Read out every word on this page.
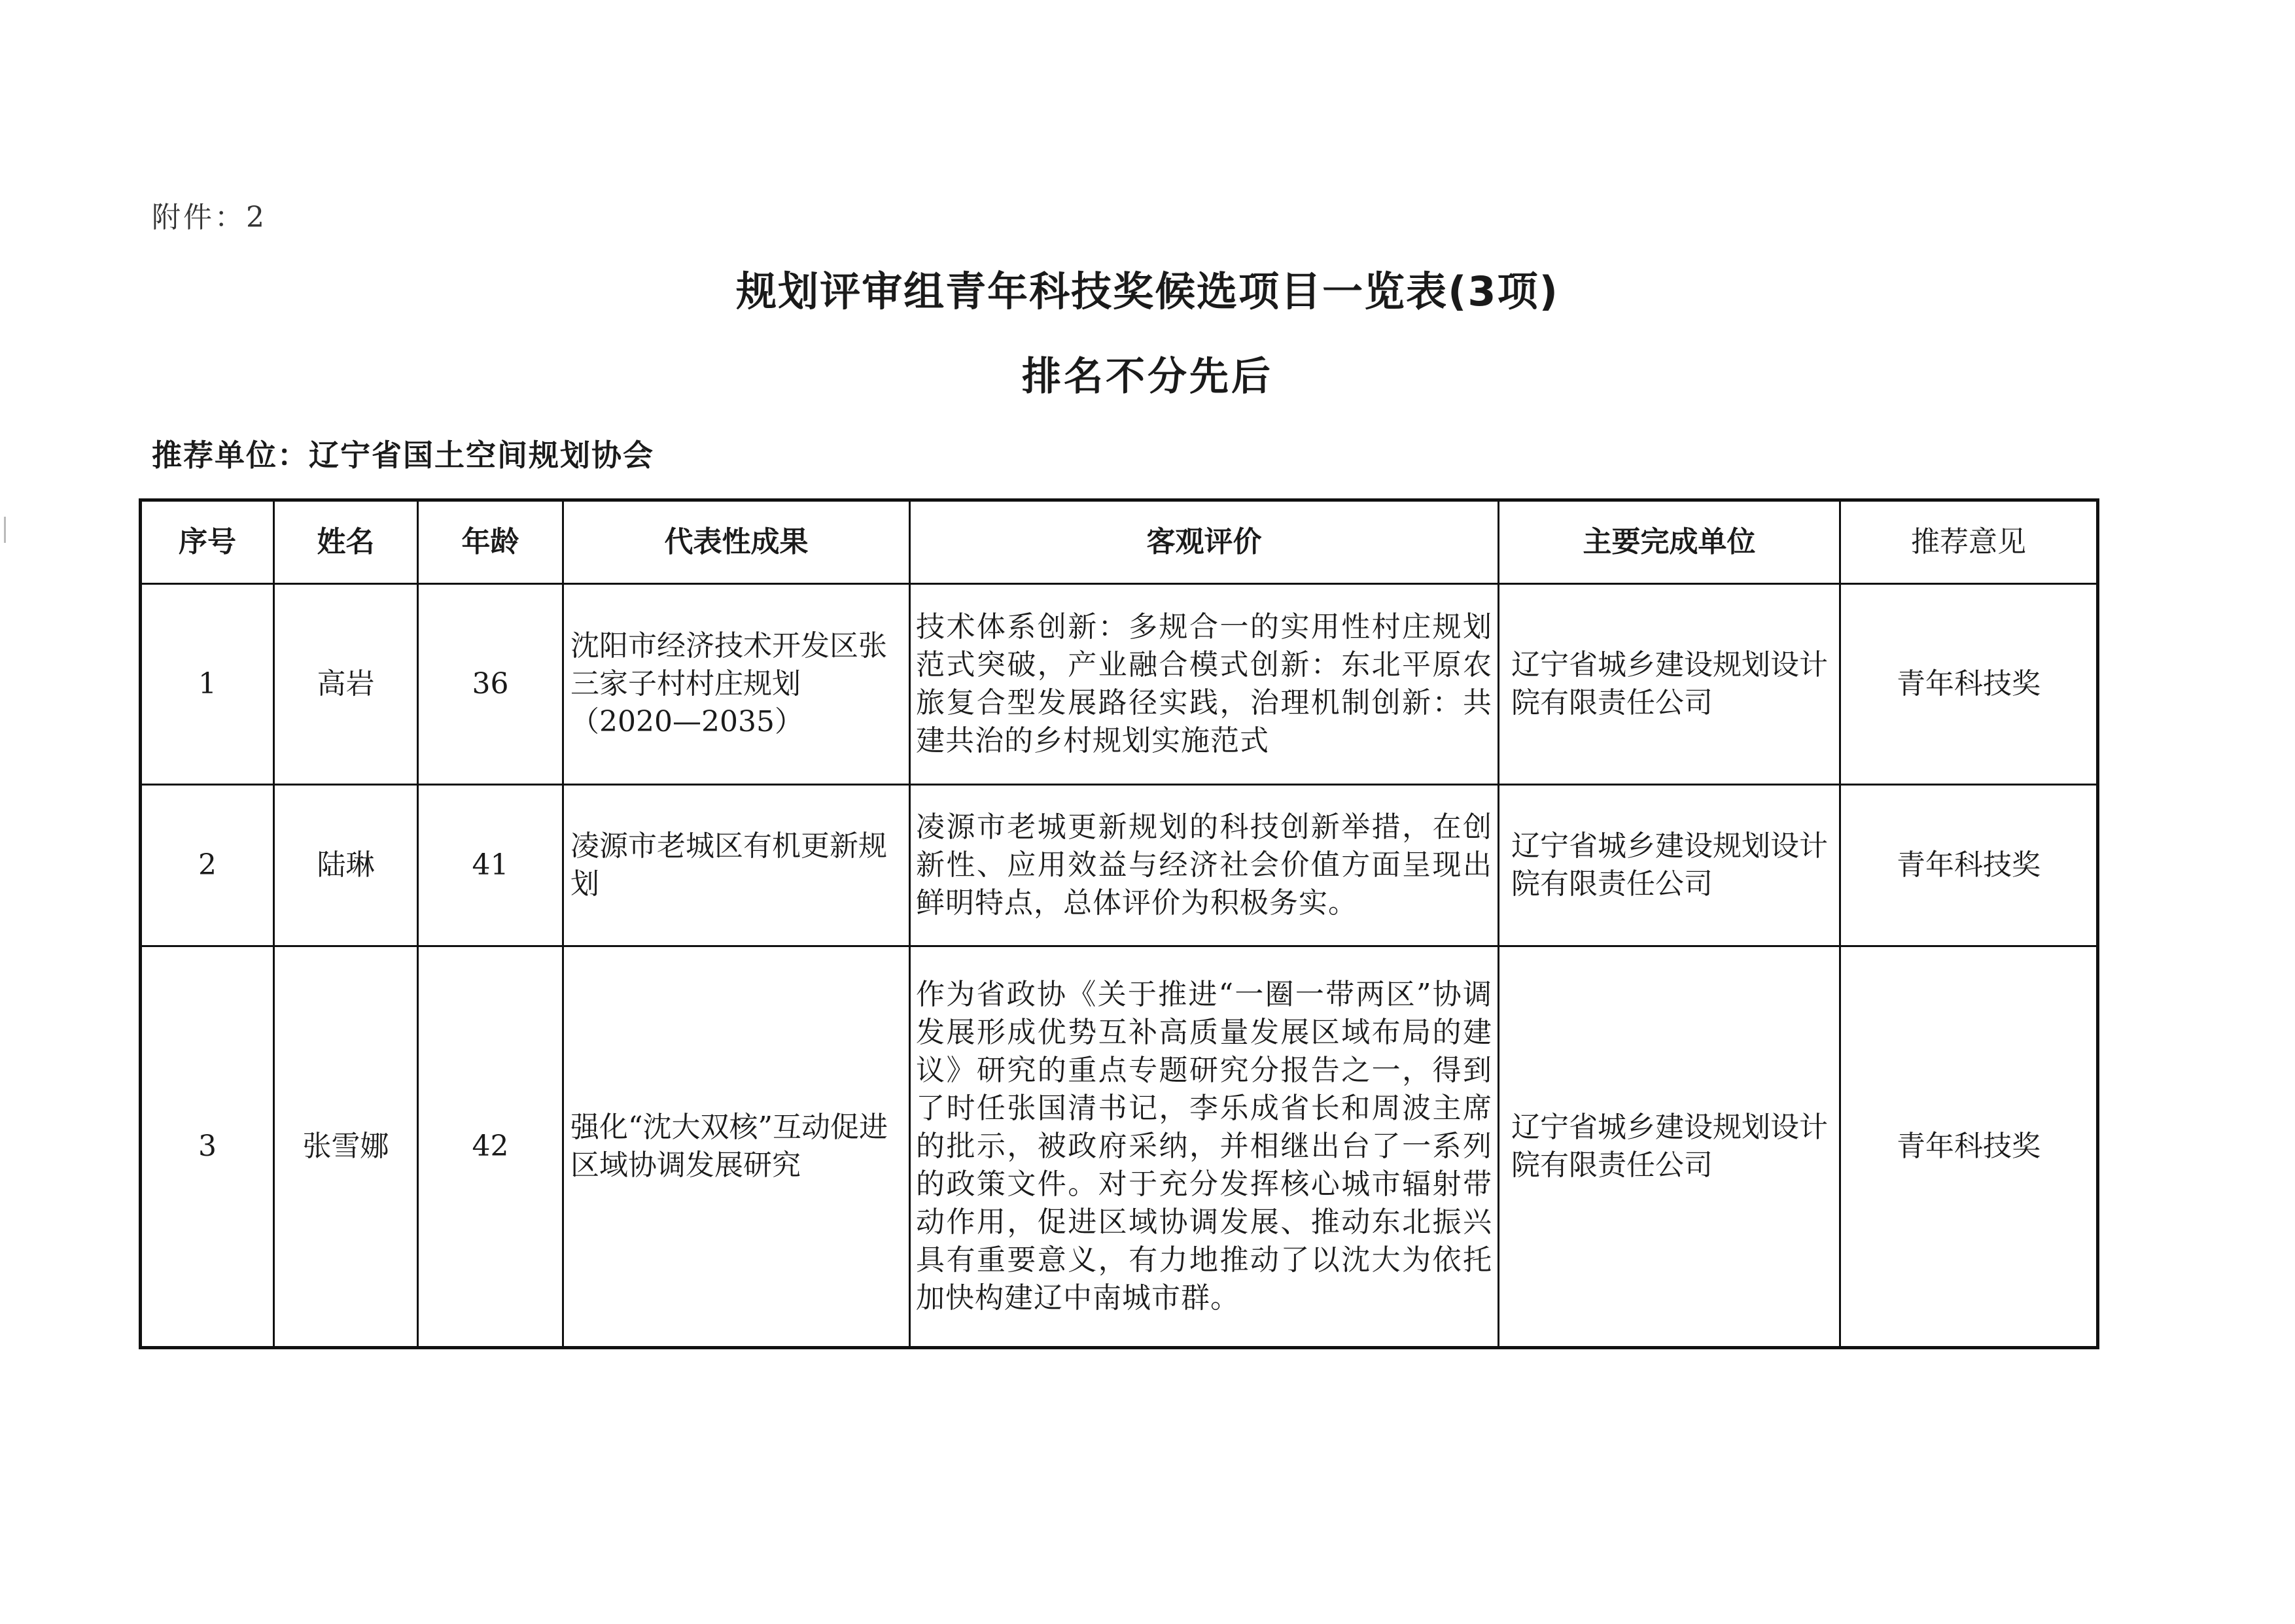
附件：2
规划评审组青年科技奖候选项目一览表(3项)
排名不分先后
推荐单位：辽宁省国土空间规划协会
序号	姓名	年龄	代表性成果	客观评价	主要完成单位	推荐意见
1	高岩	36	沈阳市经济技术开发区张三家子村村庄规划（2020—2035）	技术体系创新：多规合一的实用性村庄规划范式突破，产业融合模式创新：东北平原农旅复合型发展路径实践，治理机制创新：共建共治的乡村规划实施范式	辽宁省城乡建设规划设计院有限责任公司	青年科技奖
2	陆琳	41	凌源市老城区有机更新规划	凌源市老城更新规划的科技创新举措，在创新性、应用效益与经济社会价值方面呈现出鲜明特点，总体评价为积极务实。	辽宁省城乡建设规划设计院有限责任公司	青年科技奖
3	张雪娜	42	强化“沈大双核”互动促进区域协调发展研究	作为省政协《关于推进“一圈一带两区”协调发展形成优势互补高质量发展区域布局的建议》研究的重点专题研究分报告之一，得到了时任张国清书记，李乐成省长和周波主席的批示，被政府采纳，并相继出台了一系列的政策文件。对于充分发挥核心城市辐射带动作用，促进区域协调发展、推动东北振兴具有重要意义，有力地推动了以沈大为依托加快构建辽中南城市群。	辽宁省城乡建设规划设计院有限责任公司	青年科技奖
